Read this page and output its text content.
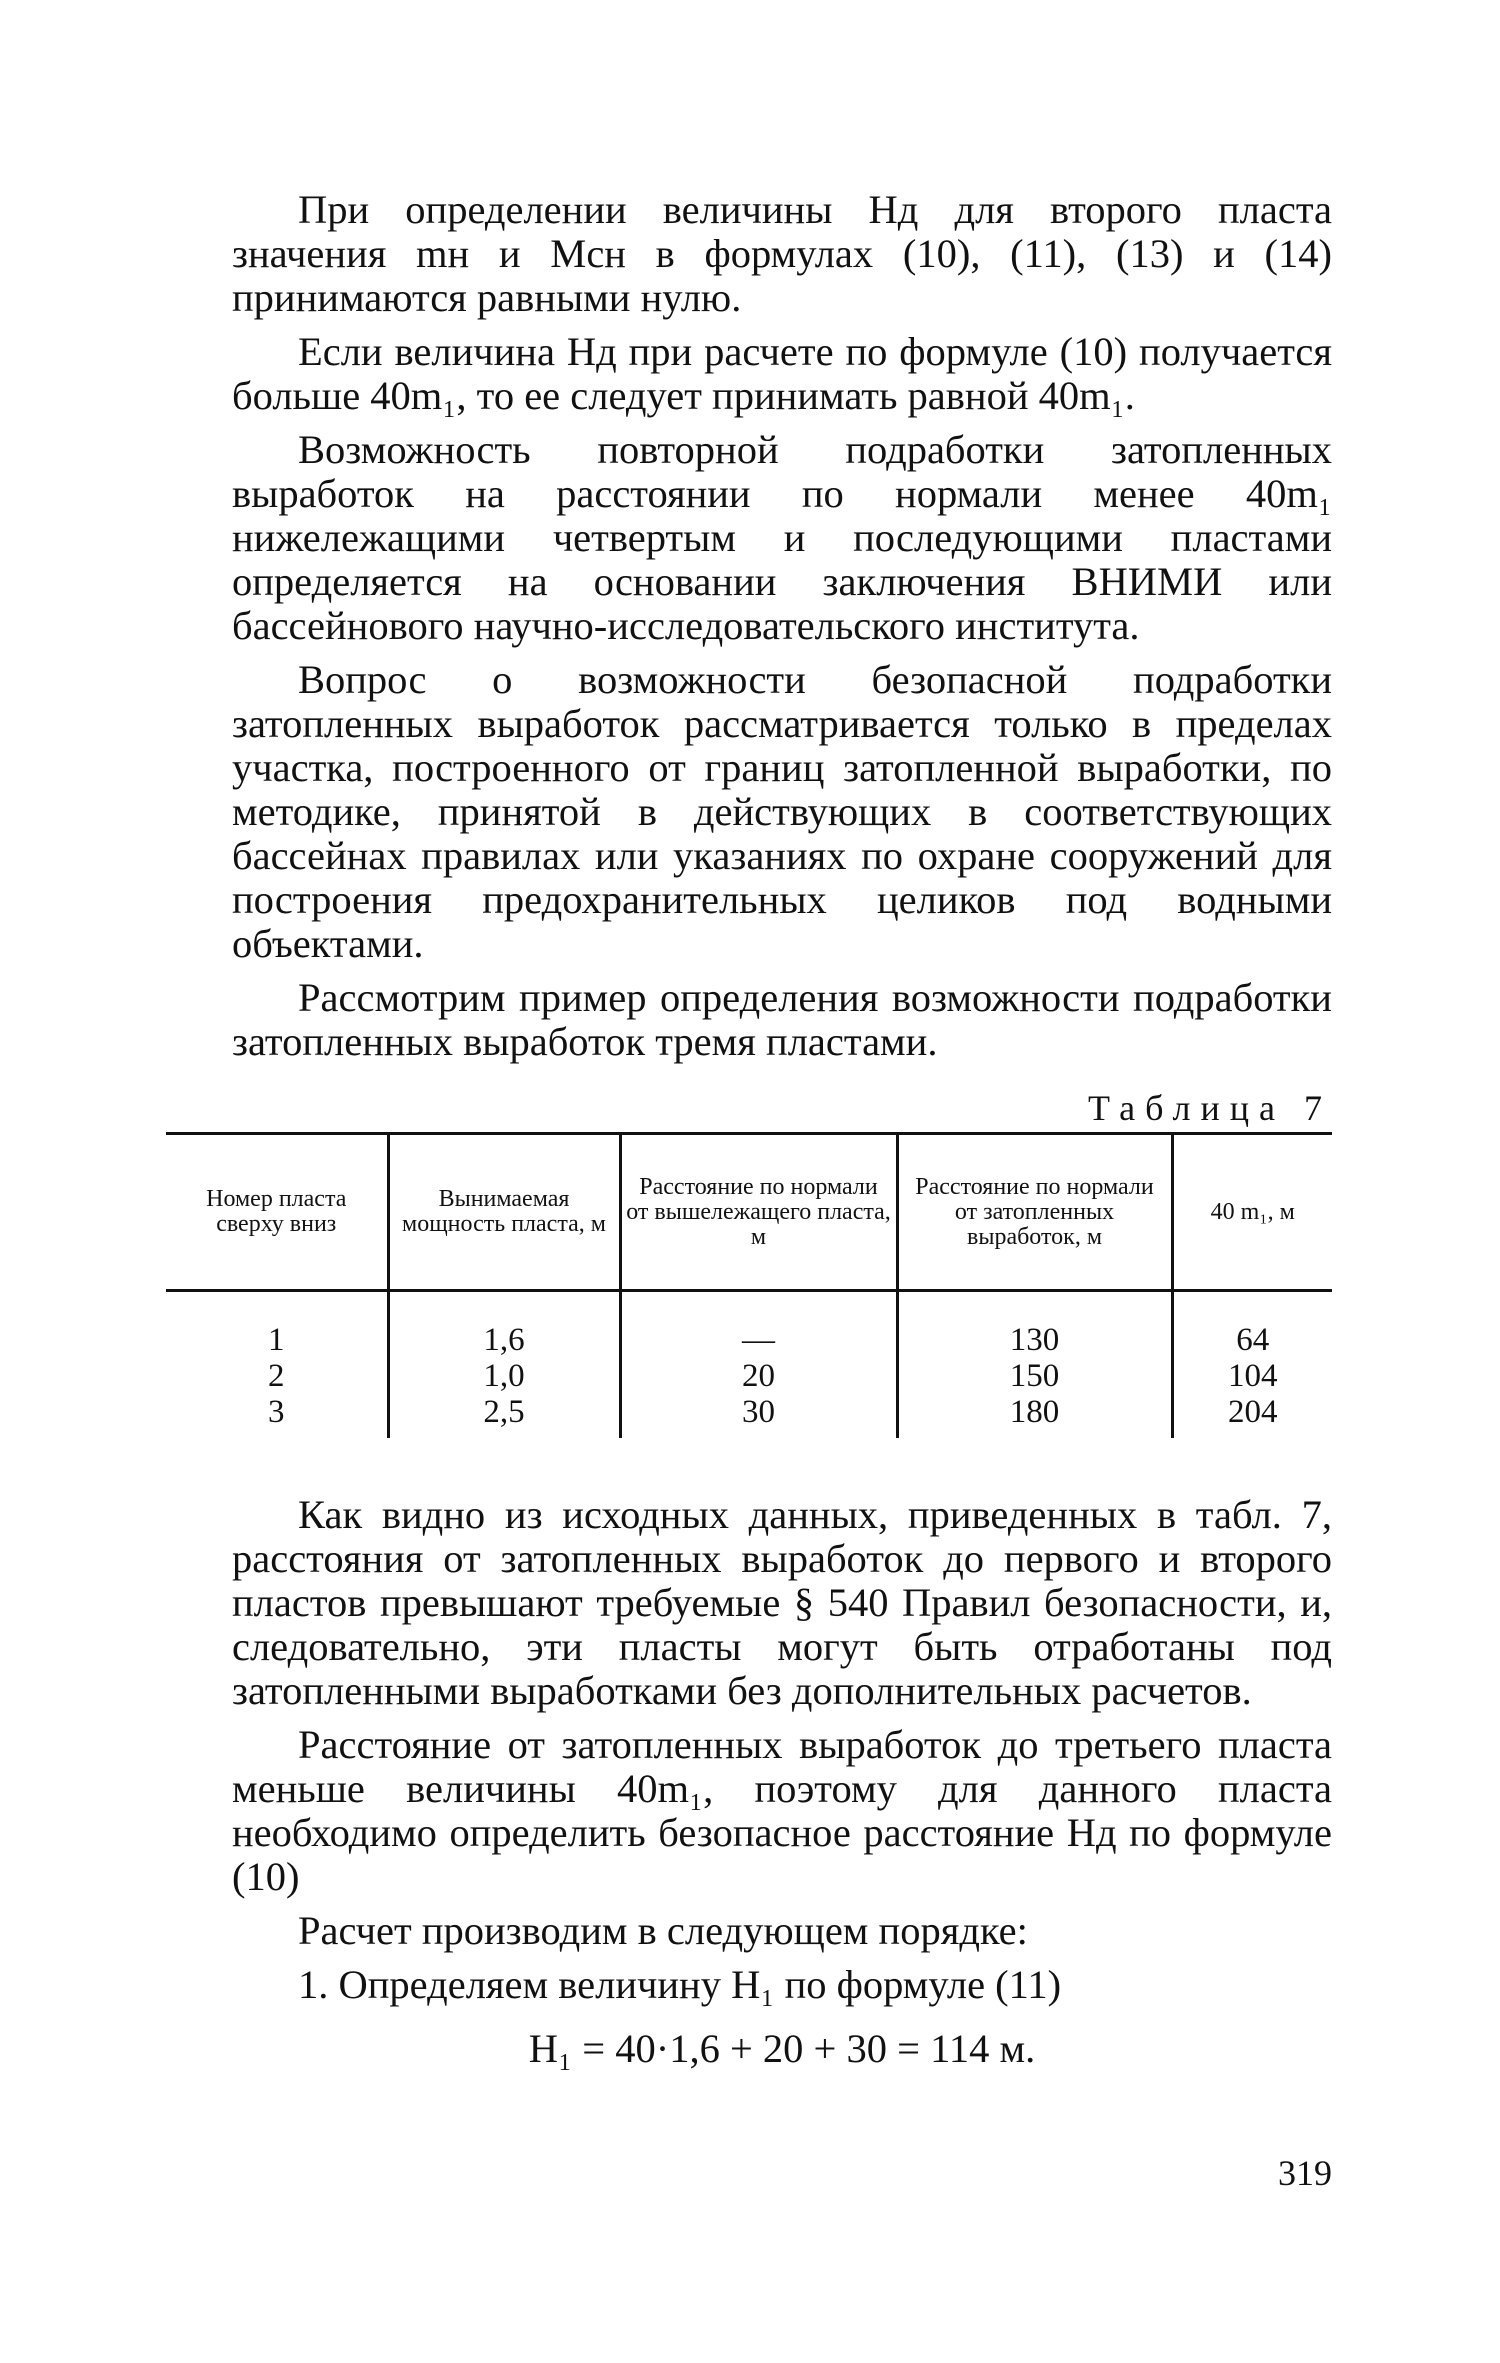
При определении величины Hд для второго пласта значения mн и Mсн в формулах (10), (11), (13) и (14) принимаются равными нулю.

Если величина Hд при расчете по формуле (10) получается больше 40m₁, то ее следует принимать равной 40m₁.

Возможность повторной подработки затопленных выработок на расстоянии по нормали менее 40m₁ нижележащими четвертым и последующими пластами определяется на основании заключения ВНИМИ или бассейнового научно-исследовательского института.

Вопрос о возможности безопасной подработки затопленных выработок рассматривается только в пределах участка, построенного от границ затопленной выработки, по методике, принятой в действующих в соответствующих бассейнах правилах или указаниях по охране сооружений для построения предохранительных целиков под водными объектами.

Рассмотрим пример определения возможности подработки затопленных выработок тремя пластами.

Таблица 7
Номер пласта сверху вниз	Вынимаемая мощность пласта, м	Расстояние по нормали от вышележащего пласта, м	Расстояние по нормали от затопленных выработок, м	40 m₁, м
1	1,6	—	130	64
2	1,0	20	150	104
3	2,5	30	180	204

Как видно из исходных данных, приведенных в табл. 7, расстояния от затопленных выработок до первого и второго пластов превышают требуемые § 540 Правил безопасности, и, следовательно, эти пласты могут быть отработаны под затопленными выработками без дополнительных расчетов.

Расстояние от затопленных выработок до третьего пласта меньше величины 40m₁, поэтому для данного пласта необходимо определить безопасное расстояние Hд по формуле (10)

Расчет производим в следующем порядке:

1. Определяем величину H₁ по формуле (11)

H₁ = 40·1,6 + 20 + 30 = 114 м.
319
